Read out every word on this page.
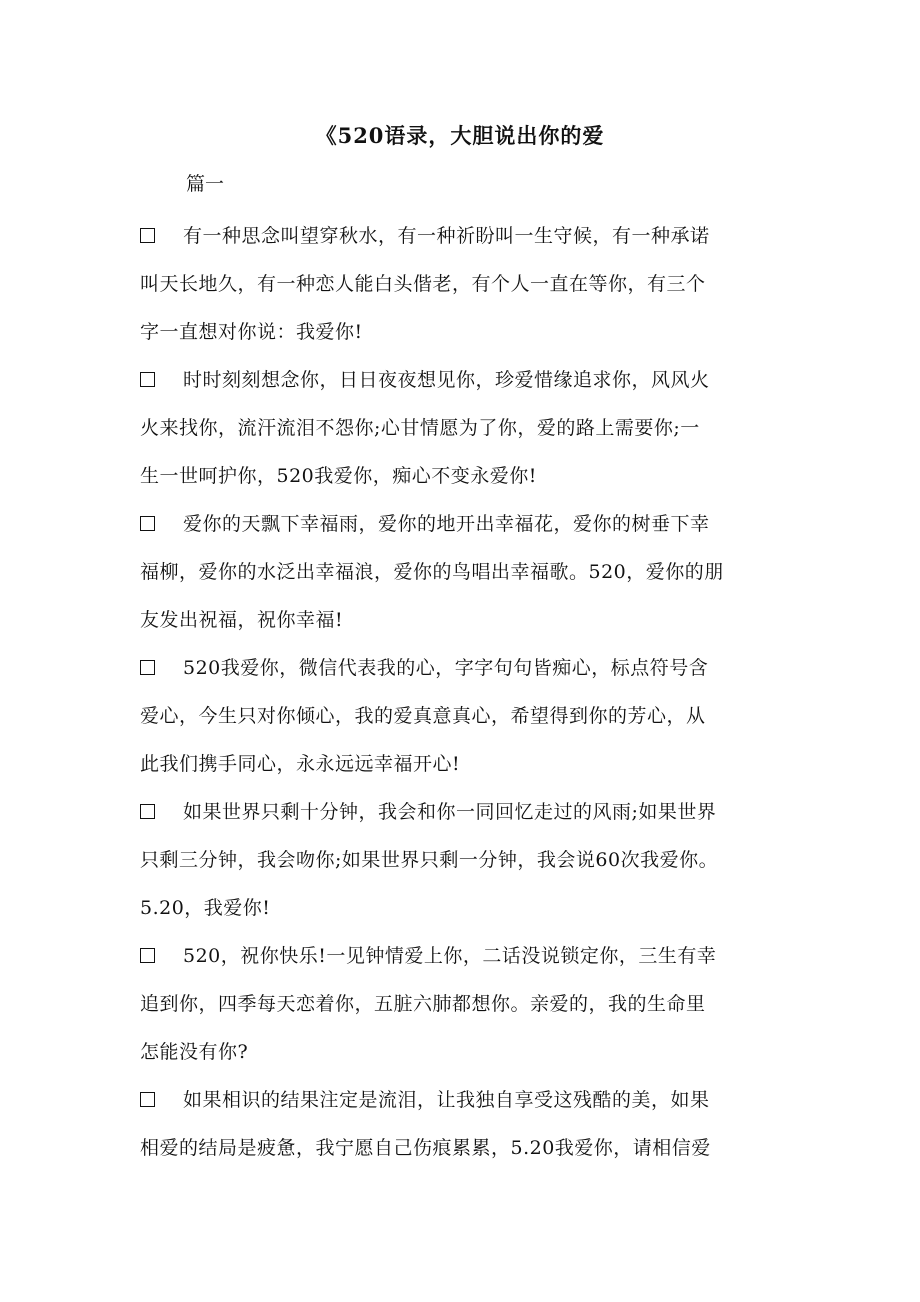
《520语录，大胆说出你的爱
篇一
有一种思念叫望穿秋水，有一种祈盼叫一生守候，有一种承诺
叫天长地久，有一种恋人能白头偕老，有个人一直在等你，有三个
字一直想对你说：我爱你!
时时刻刻想念你，日日夜夜想见你，珍爱惜缘追求你，风风火
火来找你，流汗流泪不怨你;心甘情愿为了你，爱的路上需要你;一
生一世呵护你，520我爱你，痴心不变永爱你!
爱你的天飘下幸福雨，爱你的地开出幸福花，爱你的树垂下幸
福柳，爱你的水泛出幸福浪，爱你的鸟唱出幸福歌。520，爱你的朋
友发出祝福，祝你幸福!
520我爱你，微信代表我的心，字字句句皆痴心，标点符号含
爱心，今生只对你倾心，我的爱真意真心，希望得到你的芳心，从
此我们携手同心，永永远远幸福开心!
如果世界只剩十分钟，我会和你一同回忆走过的风雨;如果世界
只剩三分钟，我会吻你;如果世界只剩一分钟，我会说60次我爱你。
5.20，我爱你!
520，祝你快乐!一见钟情爱上你，二话没说锁定你，三生有幸
追到你，四季每天恋着你，五脏六肺都想你。亲爱的，我的生命里
怎能没有你?
如果相识的结果注定是流泪，让我独自享受这残酷的美，如果
相爱的结局是疲惫，我宁愿自己伤痕累累，5.20我爱你，请相信爱
